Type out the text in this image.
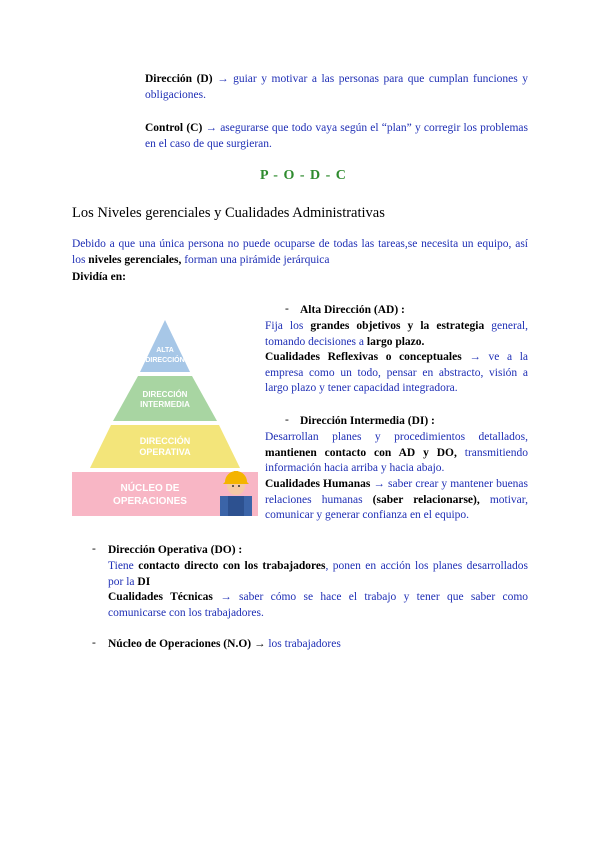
Dirección (D) → guiar y motivar a las personas para que cumplan funciones y obligaciones.
Control (C) → asegurarse que todo vaya según el “plan” y corregir los problemas en el caso de que surgieran.
P - O - D - C
Los Niveles gerenciales y Cualidades Administrativas
Debido a que una única persona no puede ocuparse de todas las tareas,se necesita un equipo, así los niveles gerenciales, forman una pirámide jerárquica
Dividía en:
ALTA
DIRECCIÓN
DIRECCIÓN
INTERMEDIA
DIRECCIÓN
OPERATIVA
NÚCLEO DE
OPERACIONES
- Alta Dirección (AD) :
Fija los grandes objetivos y la estrategia general, tomando decisiones a largo plazo.
Cualidades Reflexivas o conceptuales → ve a la empresa como un todo, pensar en abstracto, visión a largo plazo y tener capacidad integradora.
- Dirección Intermedia (DI) :
Desarrollan planes y procedimientos detallados, mantienen contacto con AD y DO, transmitiendo información hacia arriba y hacia abajo.
Cualidades Humanas → saber crear y mantener buenas relaciones humanas (saber relacionarse), motivar, comunicar y generar confianza en el equipo.
- Dirección Operativa (DO) :
Tiene contacto directo con los trabajadores, ponen en acción los planes desarrollados por la DI
Cualidades Técnicas → saber cómo se hace el trabajo y tener que saber como comunicarse con los trabajadores.
- Núcleo de Operaciones (N.O) → los trabajadores
